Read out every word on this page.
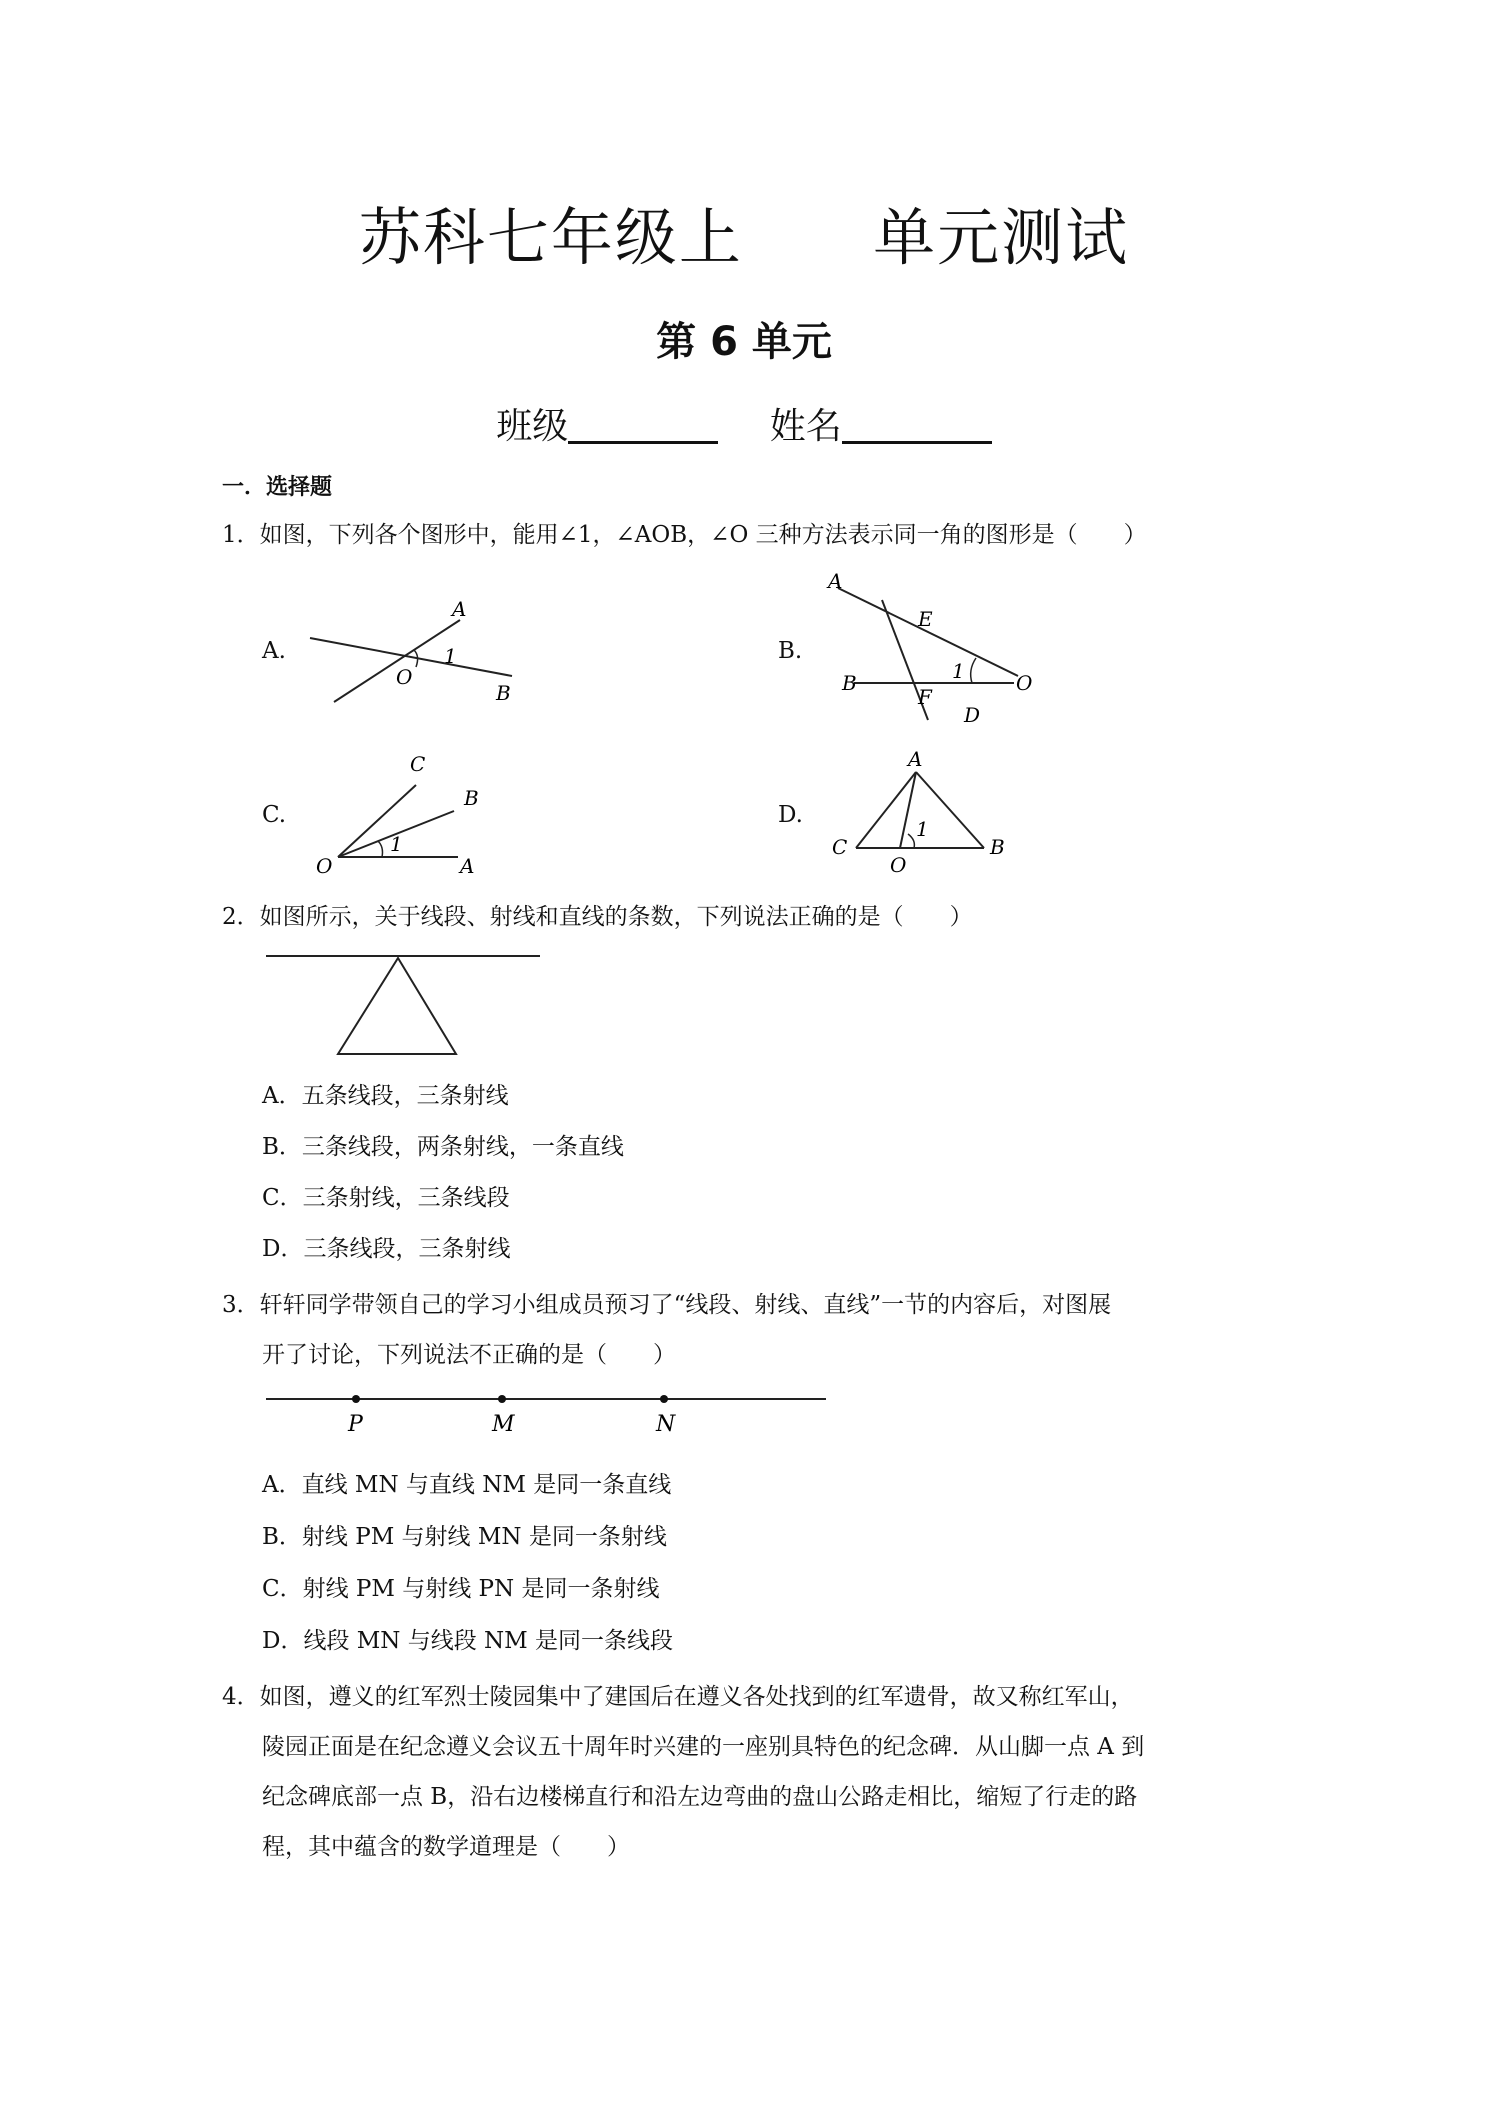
苏科七年级上      单元测试
第 6 单元
班级	姓名
一．选择题
1．如图，下列各个图形中，能用∠1，∠AOB，∠O 三种方法表示同一角的图形是（　　）
A.
A
1
O
B
B.
A
E
1
B	O
F
D
C.
C
B
1
O	A
D.
A
1
C
O
B
2．如图所示，关于线段、射线和直线的条数，下列说法正确的是（　　）
A．五条线段，三条射线
B．三条线段，两条射线，一条直线
C．三条射线，三条线段
D．三条线段，三条射线
3．轩轩同学带领自己的学习小组成员预习了“线段、射线、直线”一节的内容后，对图展
开了讨论，下列说法不正确的是（　　）
P	M	N
A．直线 MN 与直线 NM 是同一条直线
B．射线 PM 与射线 MN 是同一条射线
C．射线 PM 与射线 PN 是同一条射线
D．线段 MN 与线段 NM 是同一条线段
4．如图，遵义的红军烈士陵园集中了建国后在遵义各处找到的红军遗骨，故又称红军山，
陵园正面是在纪念遵义会议五十周年时兴建的一座别具特色的纪念碑．从山脚一点 A 到
纪念碑底部一点 B，沿右边楼梯直行和沿左边弯曲的盘山公路走相比，缩短了行走的路
程，其中蕴含的数学道理是（　　）
